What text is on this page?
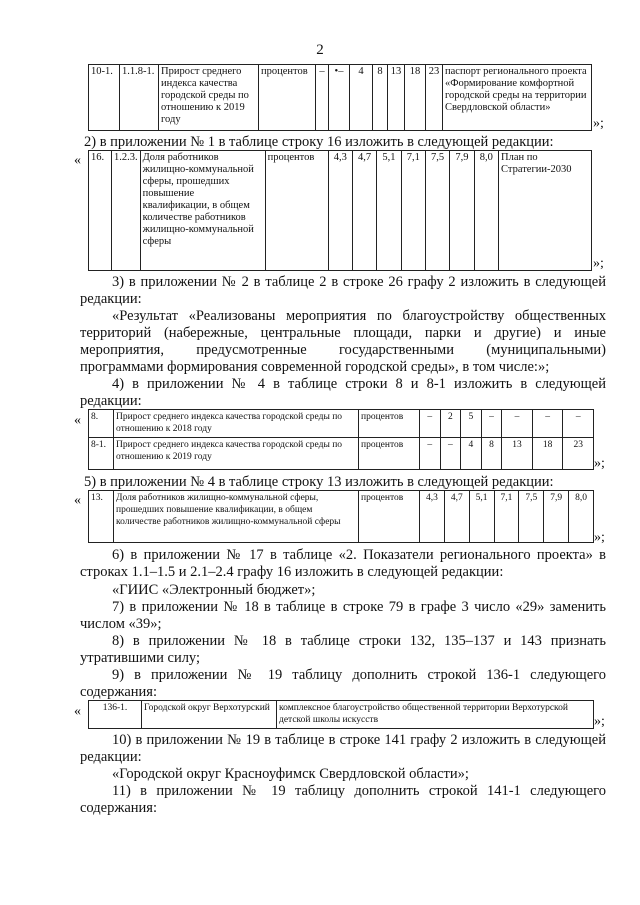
2
10-1.	1.1.8-1.	Прирост среднего индекса качества городской среды по отношению к 2019 году	процентов	–	•–	4	8	13	18	23	паспорт регионального проекта «Формирование комфортной городской среды на территории Свердловской области»
»;
2) в приложении № 1 в таблице строку 16 изложить в следующей редакции:
« 16.	1.2.3.	Доля работников жилищно-коммунальной сферы, прошедших повышение квалификации, в общем количестве работников жилищно-коммунальной сферы	процентов	4,3	4,7	5,1	7,1	7,5	7,9	8,0	План по Стратегии-2030
»;
3) в приложении № 2 в таблице 2 в строке 26 графу 2 изложить в следующей редакции:
«Результат «Реализованы мероприятия по благоустройству общественных территорий (набережные, центральные площади, парки и другие) и иные мероприятия, предусмотренные государственными (муниципальными) программами формирования современной городской среды», в том числе:»;
4) в приложении № 4 в таблице строки 8 и 8-1 изложить в следующей редакции:
« 8.	Прирост среднего индекса качества городской среды по отношению к 2018 году	процентов	–	2	5	–	–	–	–
8-1.	Прирост среднего индекса качества городской среды по отношению к 2019 году	процентов	–	–	4	8	13	18	23
»;
5) в приложении № 4 в таблице строку 13 изложить в следующей редакции:
« 13.	Доля работников жилищно-коммунальной сферы, прошедших повышение квалификации, в общем количестве работников жилищно-коммунальной сферы	процентов	4,3	4,7	5,1	7,1	7,5	7,9	8,0
»;
6) в приложении № 17 в таблице «2. Показатели регионального проекта» в строках 1.1–1.5 и 2.1–2.4 графу 16 изложить в следующей редакции:
«ГИИС «Электронный бюджет»;
7) в приложении № 18 в таблице в строке 79 в графе 3 число «29» заменить числом «39»;
8) в приложении № 18 в таблице строки 132, 135–137 и 143 признать утратившими силу;
9) в приложении № 19 таблицу дополнить строкой 136-1 следующего содержания:
« 136-1.	Городской округ Верхотурский	комплексное благоустройство общественной территории Верхотурской детской школы искусств	»;
10) в приложении № 19 в таблице в строке 141 графу 2 изложить в следующей редакции:
«Городской округ Красноуфимск Свердловской области»;
11) в приложении № 19 таблицу дополнить строкой 141-1 следующего содержания:
